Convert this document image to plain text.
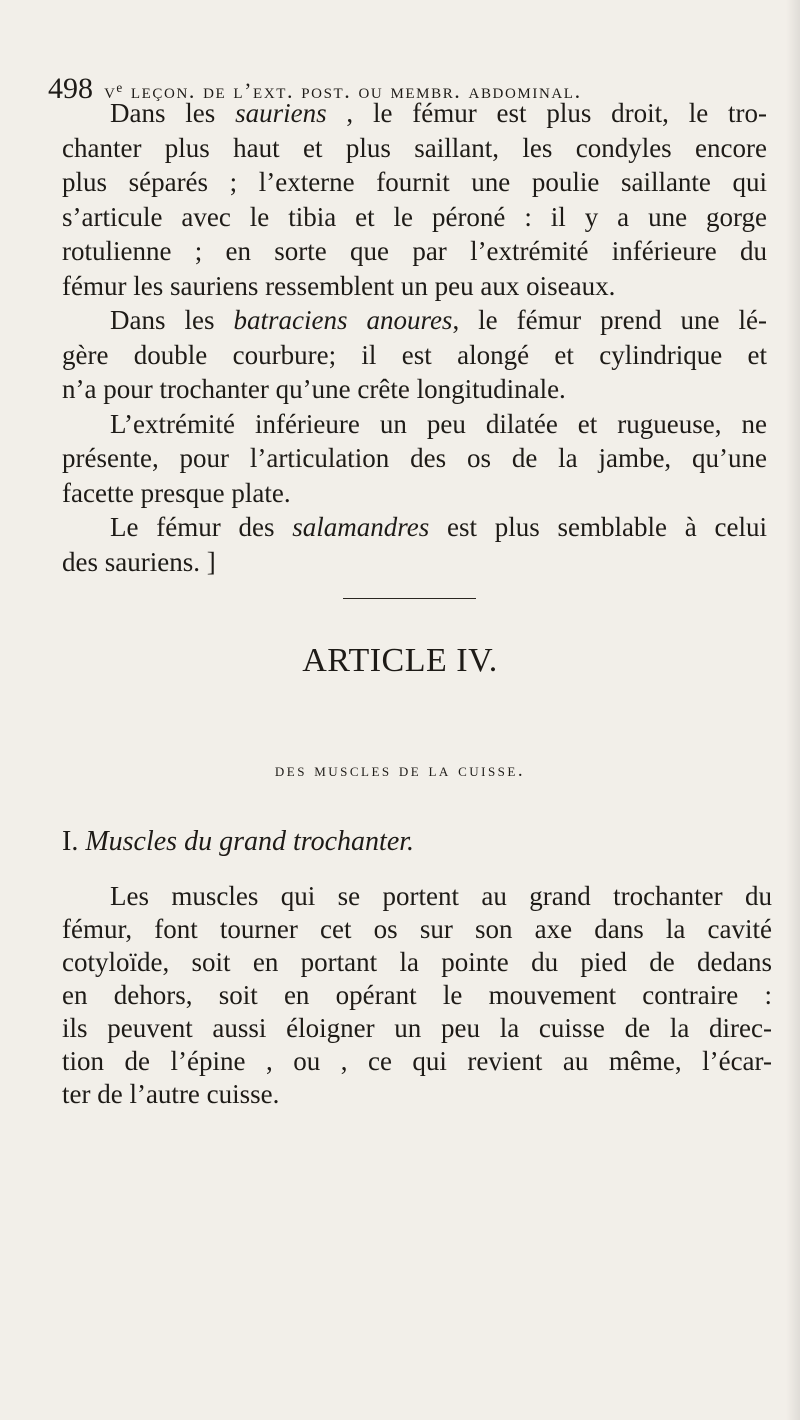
498 vᵉ leçon. de l’ext. post. ou membr. abdominal.
Dans les sauriens , le fémur est plus droit, le tro-
chanter plus haut et plus saillant, les condyles encore
plus séparés ; l’externe fournit une poulie saillante qui
s’articule avec le tibia et le péroné : il y a une gorge
rotulienne ; en sorte que par l’extrémité inférieure du
fémur les sauriens ressemblent un peu aux oiseaux.
Dans les batraciens anoures, le fémur prend une lé-
gère double courbure; il est alongé et cylindrique et
n’a pour trochanter qu’une crête longitudinale.
L’extrémité inférieure un peu dilatée et rugueuse, ne
présente, pour l’articulation des os de la jambe, qu’une
facette presque plate.
Le fémur des salamandres est plus semblable à celui
des sauriens. ]
ARTICLE IV.
des muscles de la cuisse.
I. Muscles du grand trochanter.
Les muscles qui se portent au grand trochanter du
fémur, font tourner cet os sur son axe dans la cavité
cotyloïde, soit en portant la pointe du pied de dedans
en dehors, soit en opérant le mouvement contraire :
ils peuvent aussi éloigner un peu la cuisse de la direc-
tion de l’épine , ou , ce qui revient au même, l’écar-
ter de l’autre cuisse.
